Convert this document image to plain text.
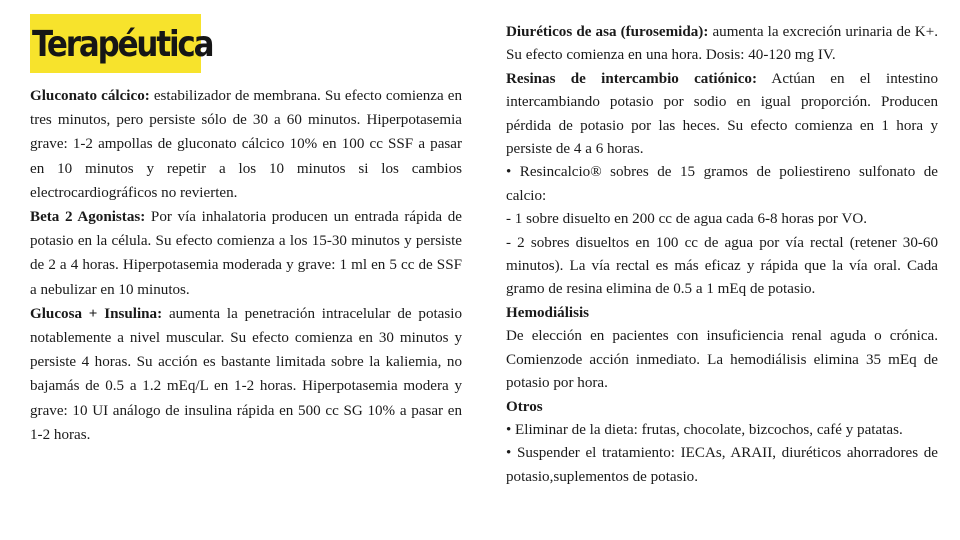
Terapéutica

Gluconato cálcico: estabilizador de membrana. Su efecto comienza en tres minutos, pero persiste sólo de 30 a 60 minutos. Hiperpotasemia grave: 1-2 ampollas de gluconato cálcico 10% en 100 cc SSF a pasar en 10 minutos y repetir a los 10 minutos si los cambios electrocardiográficos no revierten.

Beta 2 Agonistas: Por vía inhalatoria producen un entrada rápida de potasio en la célula. Su efecto comienza a los 15-30 minutos y persiste de 2 a 4 horas. Hiperpotasemia moderada y grave: 1 ml en 5 cc de SSF a nebulizar en 10 minutos.

Glucosa + Insulina: aumenta la penetración intracelular de potasio notablemente a nivel muscular. Su efecto comienza en 30 minutos y persiste 4 horas. Su acción es bastante limitada sobre la kaliemia, no bajamás de 0.5 a 1.2 mEq/L en 1-2 horas. Hiperpotasemia modera y grave: 10 UI análogo de insulina rápida en 500 cc SG 10% a pasar en 1-2 horas.

Diuréticos de asa (furosemida): aumenta la excreción urinaria de K+. Su efecto comienza en una hora. Dosis: 40-120 mg IV.

Resinas de intercambio catiónico: Actúan en el intestino intercambiando potasio por sodio en igual proporción. Producen pérdida de potasio por las heces. Su efecto comienza en 1 hora y persiste de 4 a 6 horas.

• Resincalcio® sobres de 15 gramos de poliestireno sulfonato de calcio:

- 1 sobre disuelto en 200 cc de agua cada 6-8 horas por VO.

- 2 sobres disueltos en 100 cc de agua por vía rectal (retener 30-60 minutos). La vía rectal es más eficaz y rápida que la vía oral. Cada gramo de resina elimina de 0.5 a 1 mEq de potasio.

Hemodiálisis

De elección en pacientes con insuficiencia renal aguda o crónica. Comienzode acción inmediato. La hemodiálisis elimina 35 mEq de potasio por hora.

Otros

• Eliminar de la dieta: frutas, chocolate, bizcochos, café y patatas.

• Suspender el tratamiento: IECAs, ARAII, diuréticos ahorradores de potasio,suplementos de potasio.
